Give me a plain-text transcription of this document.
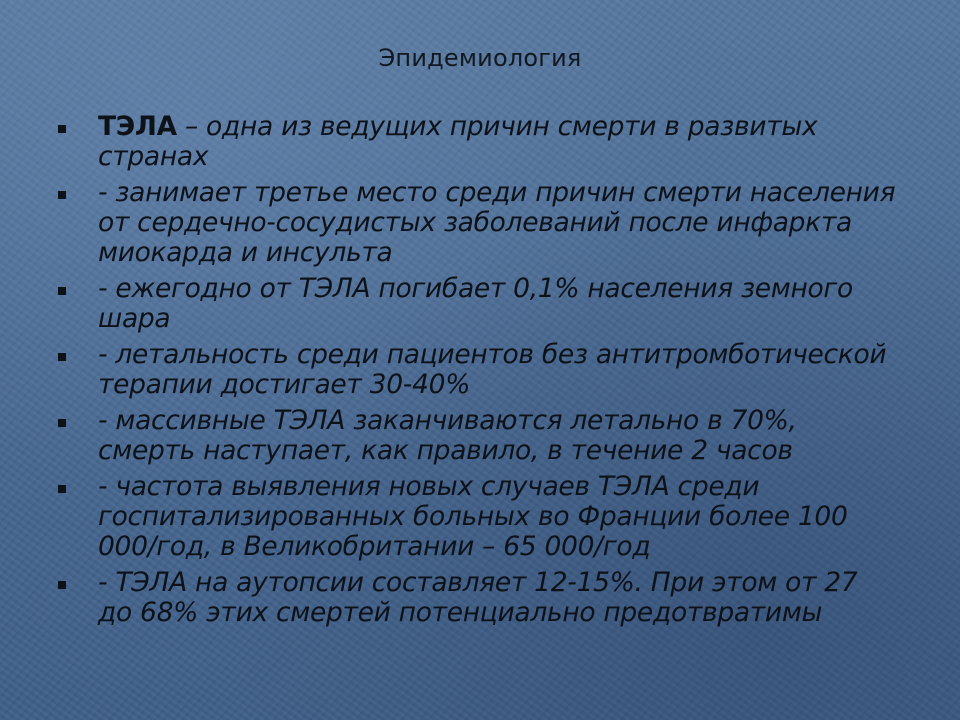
Эпидемиология
ТЭЛА – одна из ведущих причин смерти в развитых странах
- занимает третье место среди причин смерти населения от сердечно-сосудистых заболеваний после инфаркта миокарда и инсульта
- ежегодно от ТЭЛА погибает 0,1% населения земного шара
- летальность среди пациентов без антитромботической терапии достигает 30-40%
- массивные ТЭЛА заканчиваются летально в 70%, смерть наступает, как правило, в течение 2 часов
- частота выявления новых случаев ТЭЛА среди госпитализированных больных во Франции более 100 000/год, в Великобритании – 65 000/год
- ТЭЛА на аутопсии составляет 12-15%. При этом от 27 до 68% этих смертей потенциально предотвратимы
